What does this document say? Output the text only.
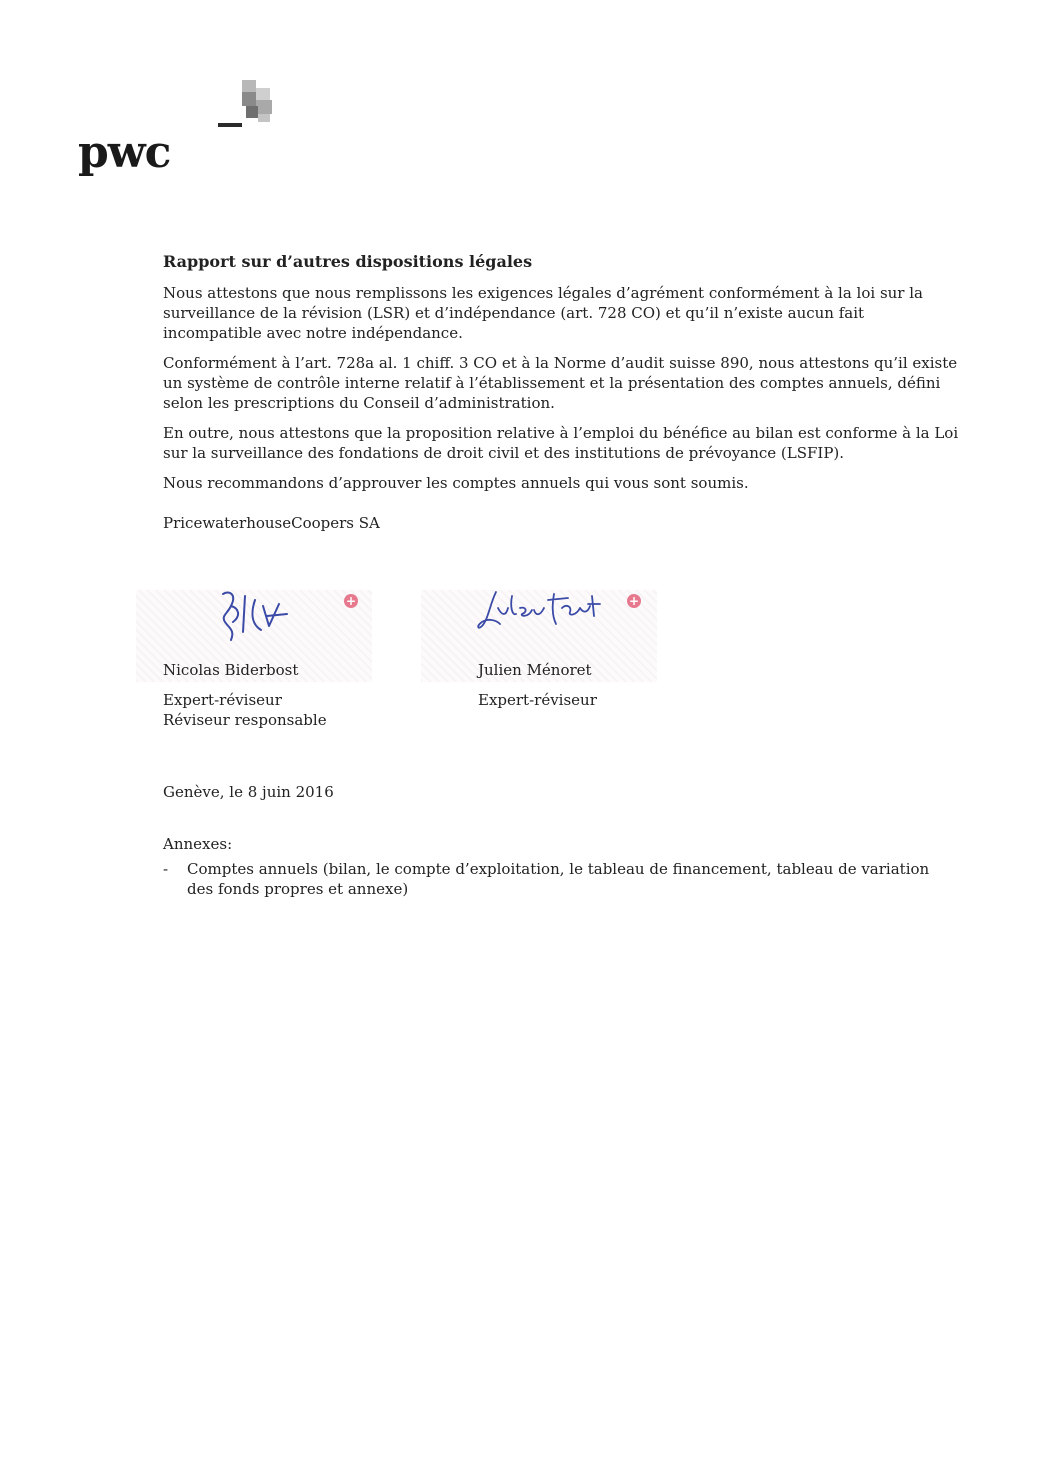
pwc
Rapport sur d’autres dispositions légales

Nous attestons que nous remplissons les exigences légales d’agrément conformément à la loi sur la surveillance de la révision (LSR) et d’indépendance (art. 728 CO) et qu’il n’existe aucun fait incompatible avec notre indépendance.

Conformément à l’art. 728a al. 1 chiff. 3 CO et à la Norme d’audit suisse 890, nous attestons qu’il existe un système de contrôle interne relatif à l’établissement et la présentation des comptes annuels, défini selon les prescriptions du Conseil d’administration.

En outre, nous attestons que la proposition relative à l’emploi du bénéfice au bilan est conforme à la Loi sur la surveillance des fondations de droit civil et des institutions de prévoyance (LSFIP).

Nous recommandons d’approuver les comptes annuels qui vous sont soumis.

PricewaterhouseCoopers SA

+	+
Nicolas Biderbost
Expert-réviseur
Réviseur responsable
Julien Ménoret
Expert-réviseur
Genève, le 8 juin 2016
Annexes:
-	Comptes annuels (bilan, le compte d’exploitation, le tableau de financement, tableau de variation des fonds propres et annexe)
